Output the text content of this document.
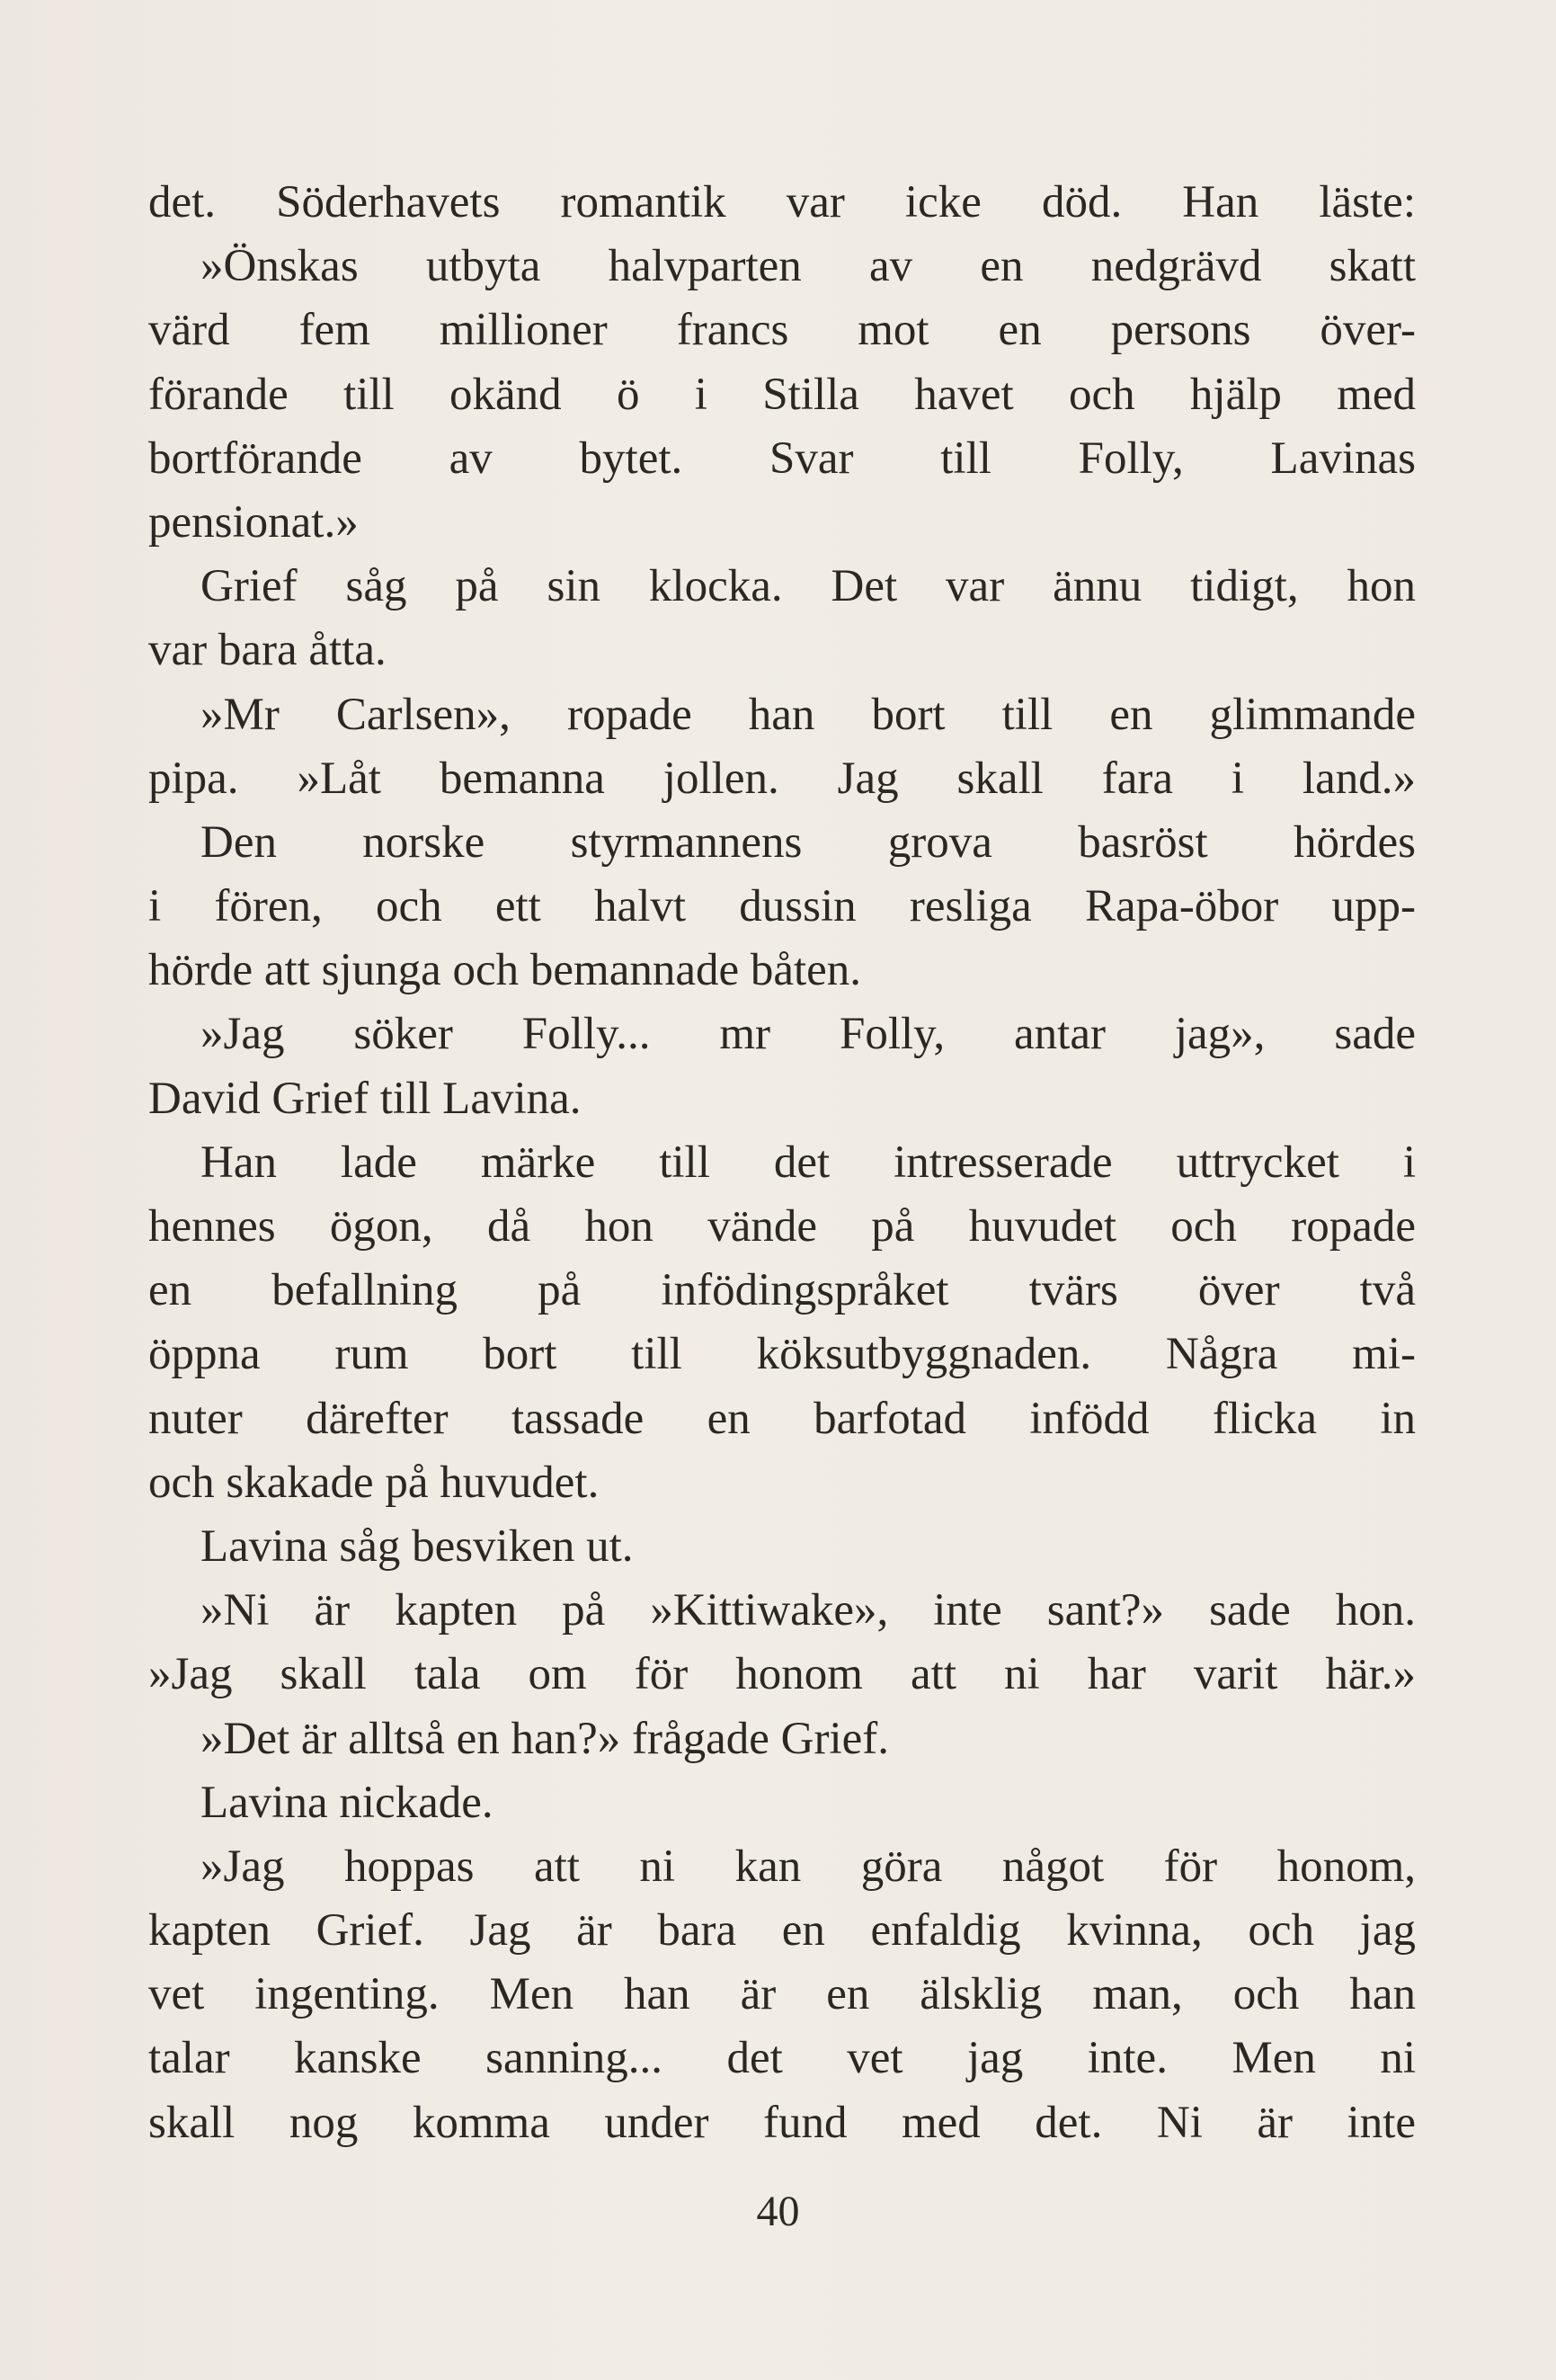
det. Söderhavets romantik var icke död. Han läste:
»Önskas utbyta halvparten av en nedgrävd skatt
värd fem millioner francs mot en persons över-
förande till okänd ö i Stilla havet och hjälp med
bortförande av bytet. Svar till Folly, Lavinas
pensionat.»
Grief såg på sin klocka. Det var ännu tidigt, hon
var bara åtta.
»Mr Carlsen», ropade han bort till en glimmande
pipa. »Låt bemanna jollen. Jag skall fara i land.»
Den norske styrmannens grova basröst hördes
i fören, och ett halvt dussin resliga Rapa-öbor upp-
hörde att sjunga och bemannade båten.
»Jag söker Folly... mr Folly, antar jag», sade
David Grief till Lavina.
Han lade märke till det intresserade uttrycket i
hennes ögon, då hon vände på huvudet och ropade
en befallning på infödingspråket tvärs över två
öppna rum bort till köksutbyggnaden. Några mi-
nuter därefter tassade en barfotad infödd flicka in
och skakade på huvudet.
Lavina såg besviken ut.
»Ni är kapten på »Kittiwake», inte sant?» sade hon.
»Jag skall tala om för honom att ni har varit här.»
»Det är alltså en han?» frågade Grief.
Lavina nickade.
»Jag hoppas att ni kan göra något för honom,
kapten Grief. Jag är bara en enfaldig kvinna, och jag
vet ingenting. Men han är en älsklig man, och han
talar kanske sanning... det vet jag inte. Men ni
skall nog komma under fund med det. Ni är inte
40
